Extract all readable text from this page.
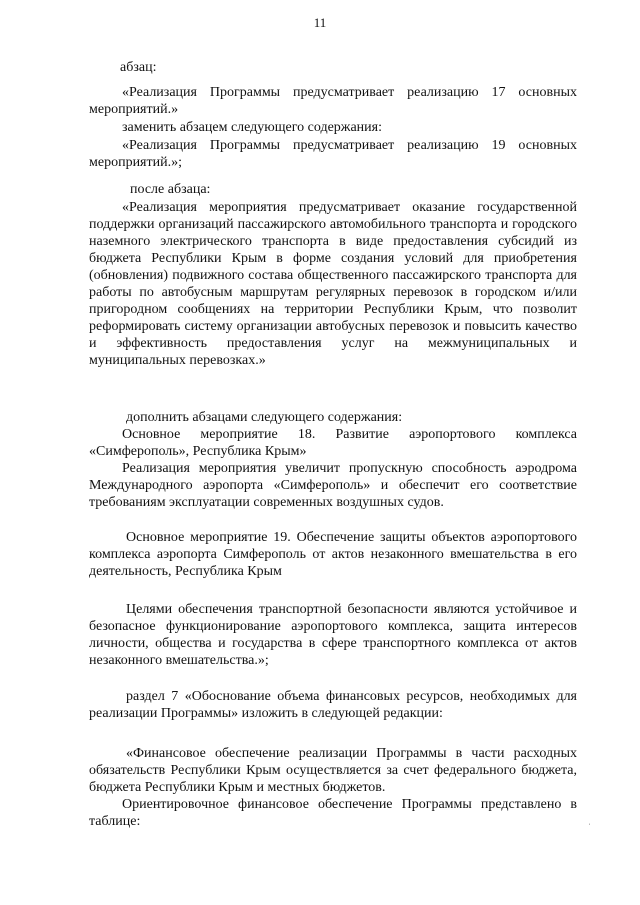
11
абзац:
«Реализация Программы предусматривает реализацию 17 основных мероприятий.»
заменить абзацем следующего содержания:
«Реализация Программы предусматривает реализацию 19 основных мероприятий.»;
после абзаца:
«Реализация мероприятия предусматривает оказание государственной поддержки организаций пассажирского автомобильного транспорта и городского наземного электрического транспорта в виде предоставления субсидий из бюджета Республики Крым в форме создания условий для приобретения (обновления) подвижного состава общественного пассажирского транспорта для работы по автобусным маршрутам регулярных перевозок в городском и/или пригородном сообщениях на территории Республики Крым, что позволит реформировать систему организации автобусных перевозок и повысить качество и эффективность предоставления услуг на межмуниципальных и муниципальных перевозках.»
дополнить абзацами следующего содержания:
Основное мероприятие 18. Развитие аэропортового комплекса «Симферополь», Республика Крым»
Реализация мероприятия увеличит пропускную способность аэродрома Международного аэропорта «Симферополь» и обеспечит его соответствие требованиям эксплуатации современных воздушных судов.
Основное мероприятие 19. Обеспечение защиты объектов аэропортового комплекса аэропорта Симферополь от актов незаконного вмешательства в его деятельность, Республика Крым
Целями обеспечения транспортной безопасности являются устойчивое и безопасное функционирование аэропортового комплекса, защита интересов личности, общества и государства в сфере транспортного комплекса от актов незаконного вмешательства.»;
раздел 7 «Обоснование объема финансовых ресурсов, необходимых для реализации Программы» изложить в следующей редакции:
«Финансовое обеспечение реализации Программы в части расходных обязательств Республики Крым осуществляется за счет федерального бюджета, бюджета Республики Крым и местных бюджетов.
Ориентировочное финансовое обеспечение Программы представлено в таблице:	ˌ
